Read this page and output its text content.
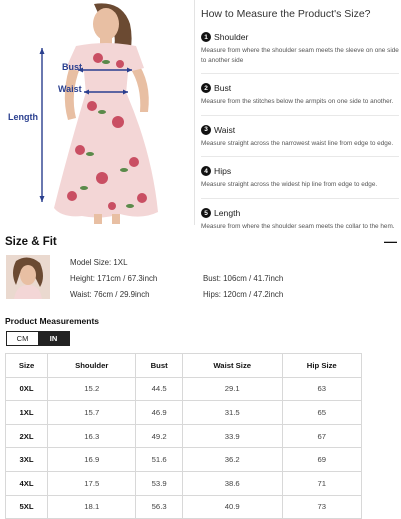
Bust
Waist
Length
How to Measure the Product's Size?
1 Shoulder
Measure from where the shoulder seam meets the sleeve on one side to another side
2 Bust
Measure from the stitches below the armpits on one side to another.
3 Waist
Measure straight across the narrowest waist line from edge to edge.
4 Hips
Measure straight across the widest hip line from edge to edge.
5 Length
Measure from where the shoulder seam meets the collar to the hem.
Size & Fit	—
Model Size: 1XL
Height: 171cm / 67.3inch	Bust: 106cm / 41.7inch
Waist: 76cm / 29.9inch	Hips: 120cm / 47.2inch
Product Measurements
CM	IN
Size	Shoulder	Bust	Waist Size	Hip Size
0XL	15.2	44.5	29.1	63
1XL	15.7	46.9	31.5	65
2XL	16.3	49.2	33.9	67
3XL	16.9	51.6	36.2	69
4XL	17.5	53.9	38.6	71
5XL	18.1	56.3	40.9	73
